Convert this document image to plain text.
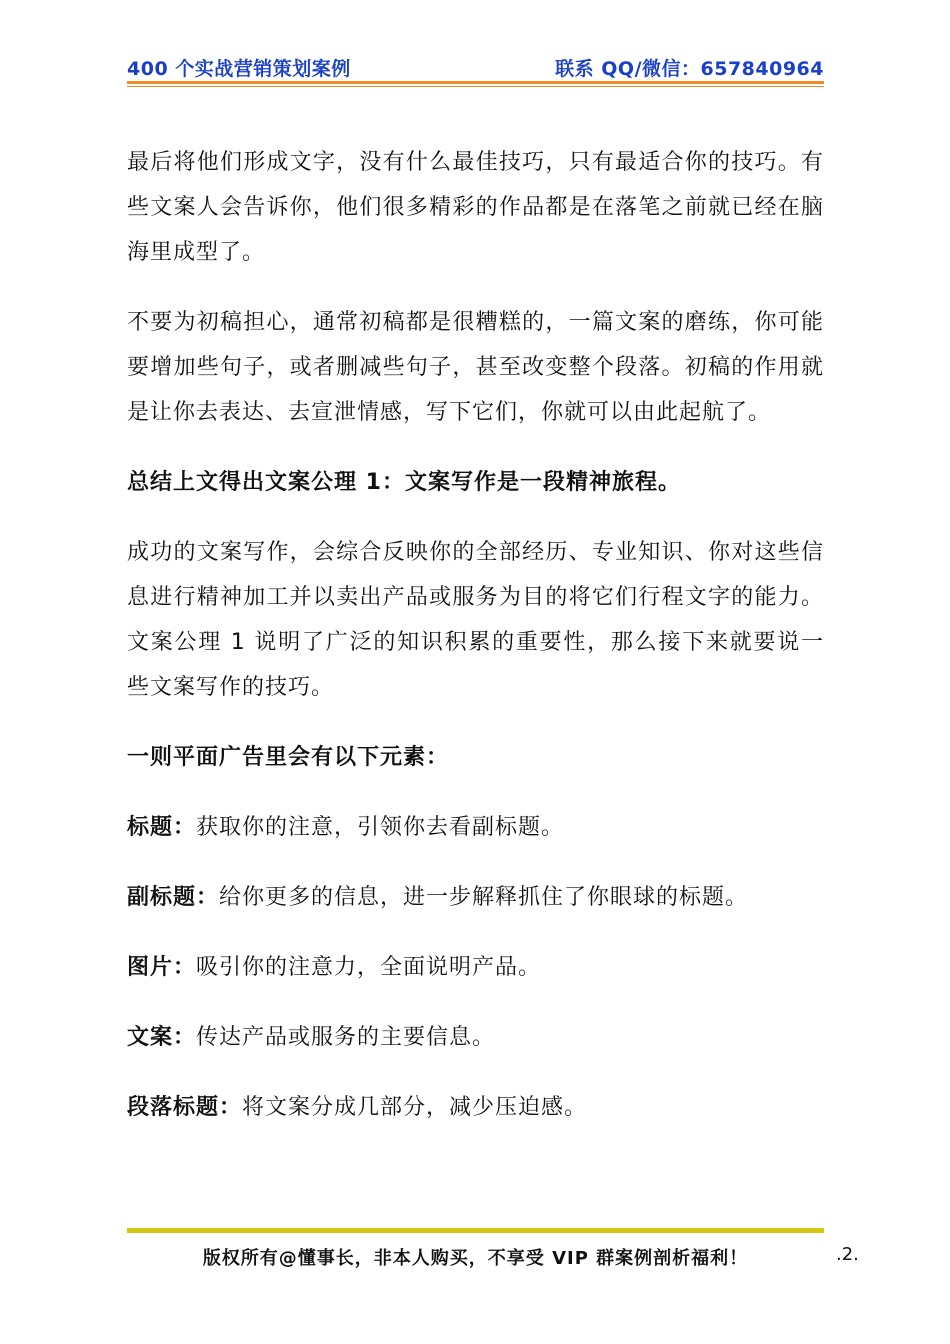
400 个实战营销策划案例	联系 QQ/微信：657840964

最后将他们形成文字，没有什么最佳技巧，只有最适合你的技巧。有些文案人会告诉你，他们很多精彩的作品都是在落笔之前就已经在脑海里成型了。

不要为初稿担心，通常初稿都是很糟糕的，一篇文案的磨练，你可能要增加些句子，或者删减些句子，甚至改变整个段落。初稿的作用就是让你去表达、去宣泄情感，写下它们，你就可以由此起航了。

总结上文得出文案公理 1：文案写作是一段精神旅程。

成功的文案写作，会综合反映你的全部经历、专业知识、你对这些信息进行精神加工并以卖出产品或服务为目的将它们行程文字的能力。文案公理 1 说明了广泛的知识积累的重要性，那么接下来就要说一些文案写作的技巧。

一则平面广告里会有以下元素：

标题：获取你的注意，引领你去看副标题。

副标题：给你更多的信息，进一步解释抓住了你眼球的标题。

图片：吸引你的注意力，全面说明产品。

文案：传达产品或服务的主要信息。

段落标题：将文案分成几部分，减少压迫感。

版权所有@懂事长，非本人购买，不享受 VIP 群案例剖析福利！	.2.
